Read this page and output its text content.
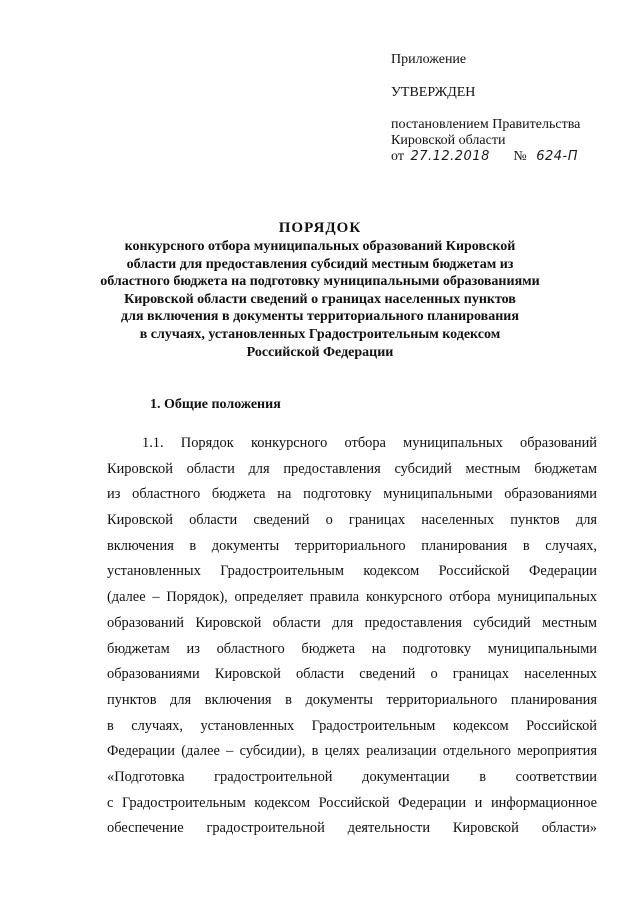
Приложение
УТВЕРЖДЕН
постановлением Правительства
Кировской области
от 27.12.2018 № 624-П
ПОРЯДОК
конкурсного отбора муниципальных образований Кировской
области для предоставления субсидий местным бюджетам из
областного бюджета на подготовку муниципальными образованиями
Кировской области сведений о границах населенных пунктов
для включения в документы территориального планирования
в случаях, установленных Градостроительным кодексом
Российской Федерации
1. Общие положения
1.1. Порядок конкурсного отбора муниципальных образований
Кировской области для предоставления субсидий местным бюджетам
из областного бюджета на подготовку муниципальными образованиями
Кировской области сведений о границах населенных пунктов для
включения в документы территориального планирования в случаях,
установленных Градостроительным кодексом Российской Федерации
(далее – Порядок), определяет правила конкурсного отбора муниципальных
образований Кировской области для предоставления субсидий местным
бюджетам из областного бюджета на подготовку муниципальными
образованиями Кировской области сведений о границах населенных
пунктов для включения в документы территориального планирования
в случаях, установленных Градостроительным кодексом Российской
Федерации (далее – субсидии), в целях реализации отдельного мероприятия
«Подготовка градостроительной документации в соответствии
с Градостроительным кодексом Российской Федерации и информационное
обеспечение градостроительной деятельности Кировской области»
